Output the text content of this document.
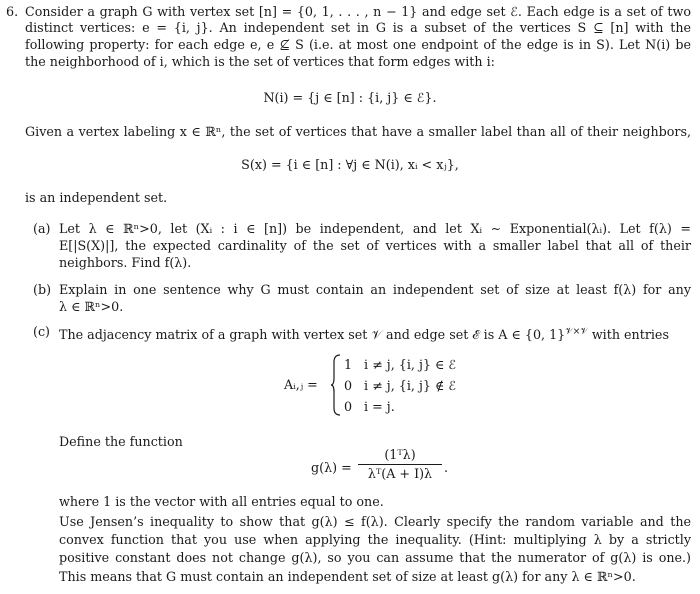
6. Consider a graph G with vertex set [n] = {0, 1, . . . , n − 1} and edge set ℰ. Each edge is a set of two
distinct vertices: e = {i, j}. An independent set in G is a subset of the vertices S ⊆ [n] with the
following property: for each edge e, e ⊈ S (i.e. at most one endpoint of the edge is in S). Let N(i) be
the neighborhood of i, which is the set of vertices that form edges with i:
N(i) = {j ∈ [n] : {i, j} ∈ ℰ}.
Given a vertex labeling x ∈ ℝⁿ, the set of vertices that have a smaller label than all of their neighbors,
S(x) = {i ∈ [n] : ∀j ∈ N(i), xᵢ < xⱼ},
is an independent set.
(a) Let λ ∈ ℝⁿ>0, let (Xᵢ : i ∈ [n]) be independent, and let Xᵢ ∼ Exponential(λᵢ). Let f(λ) =
E[|S(X)|], the expected cardinality of the set of vertices with a smaller label that all of their
neighbors. Find f(λ).
(b) Explain in one sentence why G must contain an independent set of size at least f(λ) for any
λ ∈ ℝⁿ>0.
(c) The adjacency matrix of a graph with vertex set 𝒱 and edge set ℰ is A ∈ {0, 1}$^{𝒱\times 𝒱}$ with entries
Aᵢ,ⱼ =
1 i ≠ j, {i, j} ∈ ℰ
0 i ≠ j, {i, j} ∉ ℰ
0 i = j.
Define the function
g(λ) =
(1ᵀλ)
λᵀ(A + I)λ .
where 1 is the vector with all entries equal to one.
Use Jensen’s inequality to show that g(λ) ≤ f(λ). Clearly specify the random variable and the
convex function that you use when applying the inequality. (Hint: multiplying λ by a strictly
positive constant does not change g(λ), so you can assume that the numerator of g(λ) is one.)
This means that G must contain an independent set of size at least g(λ) for any λ ∈ ℝⁿ>0.
